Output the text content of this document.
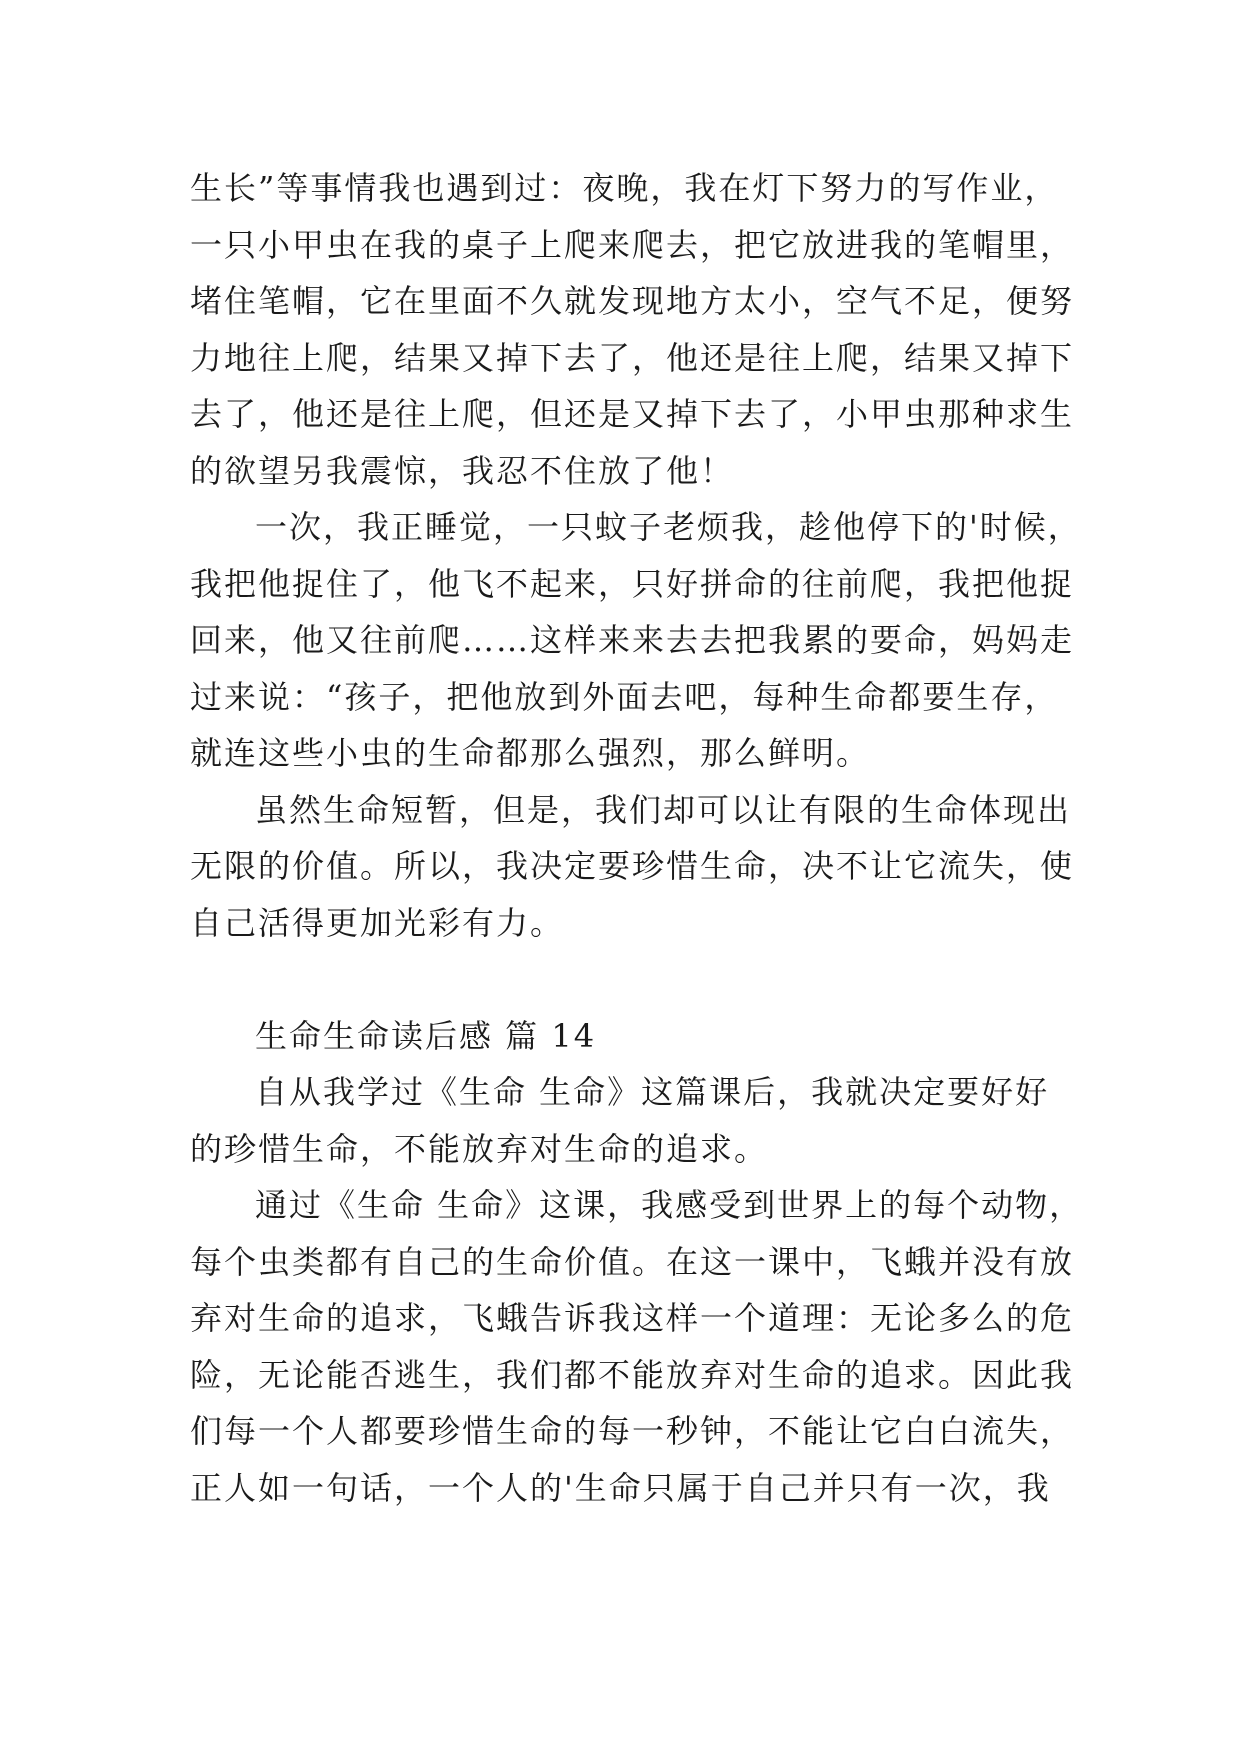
生长”等事情我也遇到过：夜晚，我在灯下努力的写作业，
一只小甲虫在我的桌子上爬来爬去，把它放进我的笔帽里，
堵住笔帽，它在里面不久就发现地方太小，空气不足，便努
力地往上爬，结果又掉下去了，他还是往上爬，结果又掉下
去了，他还是往上爬，但还是又掉下去了，小甲虫那种求生
的欲望另我震惊，我忍不住放了他！
一次，我正睡觉，一只蚊子老烦我，趁他停下的'时候，
我把他捉住了，他飞不起来，只好拼命的往前爬，我把他捉
回来，他又往前爬……这样来来去去把我累的要命，妈妈走
过来说：“孩子，把他放到外面去吧，每种生命都要生存，
就连这些小虫的生命都那么强烈，那么鲜明。
虽然生命短暂，但是，我们却可以让有限的生命体现出
无限的价值。所以，我决定要珍惜生命，决不让它流失，使
自己活得更加光彩有力。
生命生命读后感 篇 14
自从我学过《生命 生命》这篇课后，我就决定要好好
的珍惜生命，不能放弃对生命的追求。
通过《生命 生命》这课，我感受到世界上的每个动物，
每个虫类都有自己的生命价值。在这一课中，飞蛾并没有放
弃对生命的追求，飞蛾告诉我这样一个道理：无论多么的危
险，无论能否逃生，我们都不能放弃对生命的追求。因此我
们每一个人都要珍惜生命的每一秒钟，不能让它白白流失，
正人如一句话，一个人的'生命只属于自己并只有一次，我
